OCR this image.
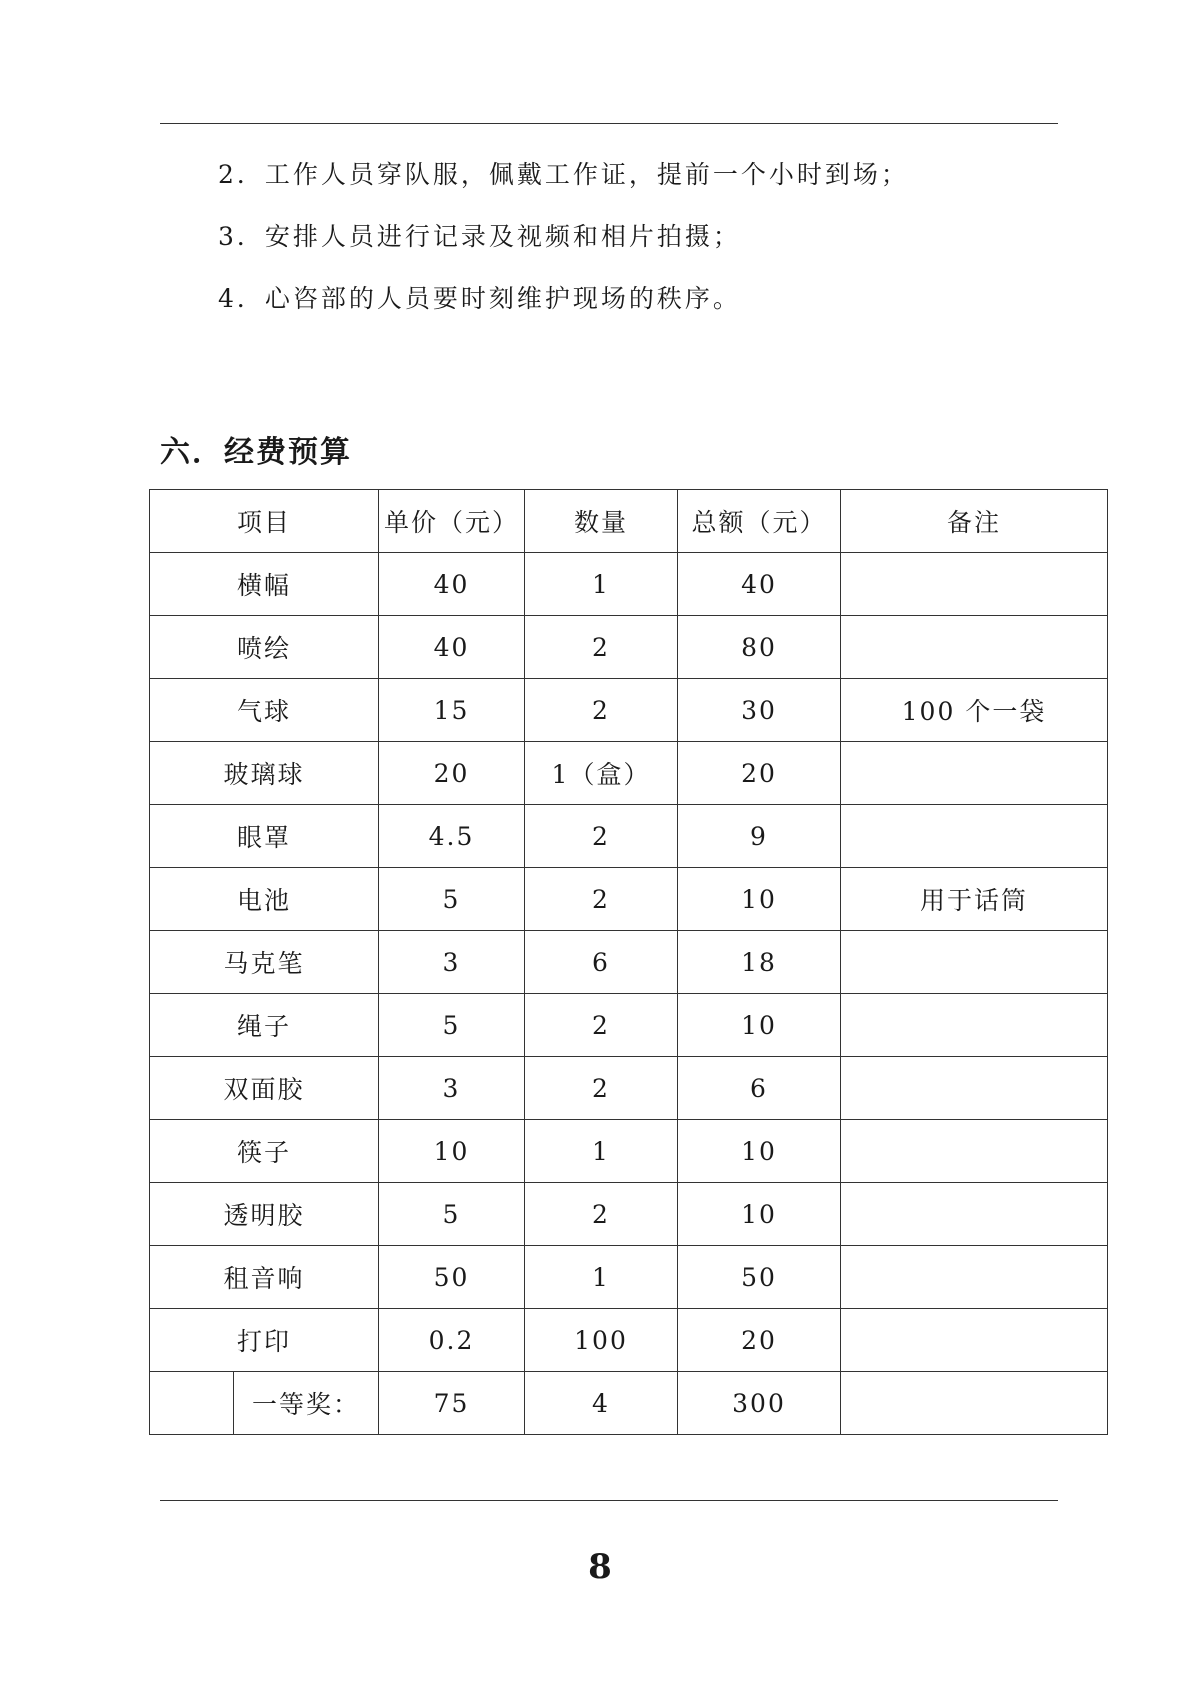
2．工作人员穿队服，佩戴工作证，提前一个小时到场；
3．安排人员进行记录及视频和相片拍摄；
4．心咨部的人员要时刻维护现场的秩序。
六．经费预算
项目	单价（元）	数量	总额（元）	备注
横幅	40	1	40	
喷绘	40	2	80	
气球	15	2	30	100 个一袋
玻璃球	20	1（盒）	20	
眼罩	4.5	2	9	
电池	5	2	10	用于话筒
马克笔	3	6	18	
绳子	5	2	10	
双面胶	3	2	6	
筷子	10	1	10	
透明胶	5	2	10	
租音响	50	1	50	
打印	0.2	100	20	

一等奖：	75	4	300	
8
